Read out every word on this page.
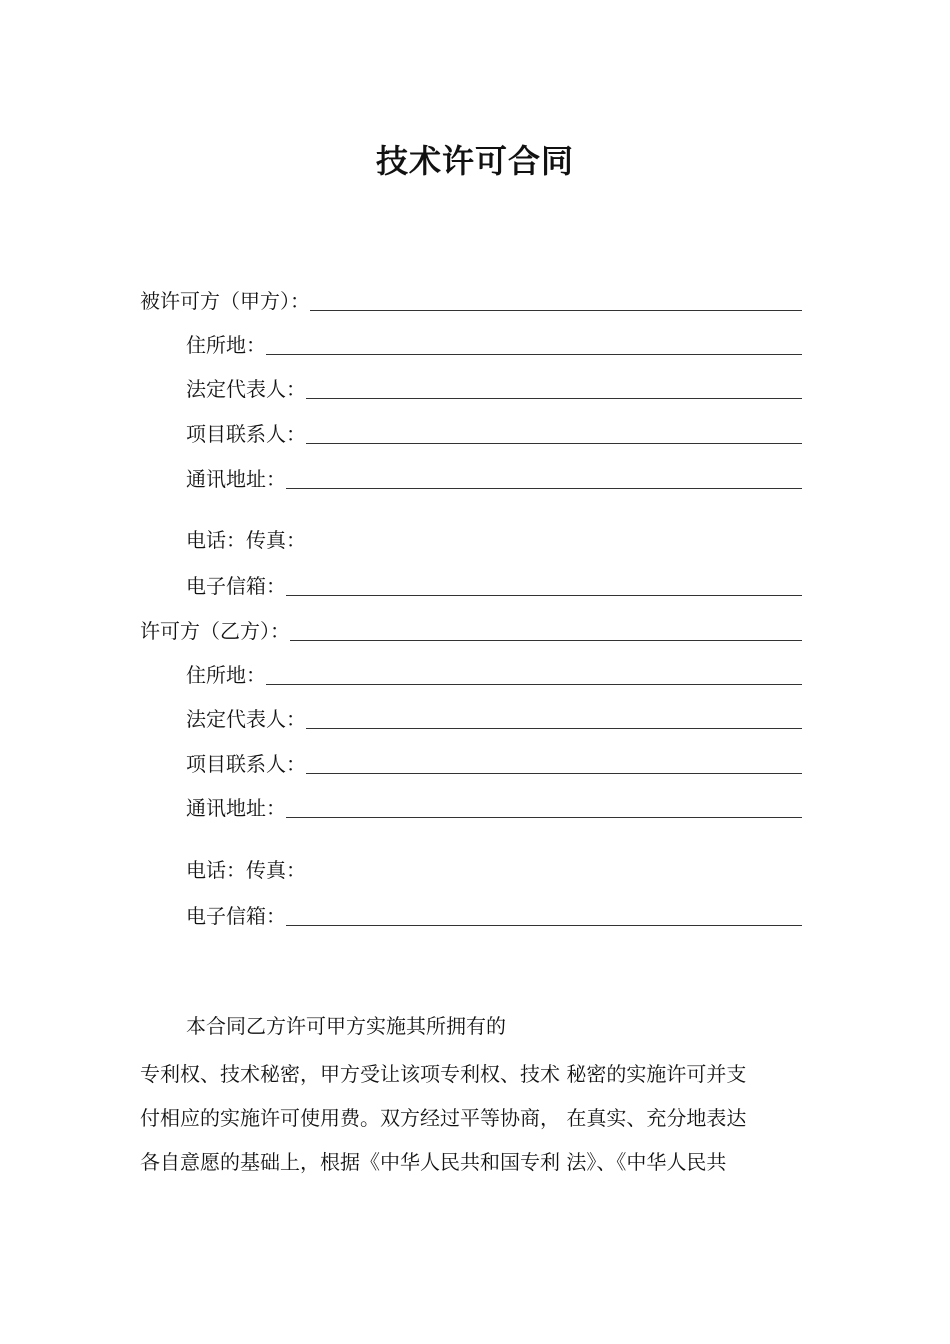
技术许可合同
被许可方（甲方）：
住所地：
法定代表人：
项目联系人：
通讯地址：
电话：传真：
电子信箱：
许可方（乙方）：
住所地：
法定代表人：
项目联系人：
通讯地址：
电话：传真：
电子信箱：
本合同乙方许可甲方实施其所拥有的
专利权、技术秘密，甲方受让该项专利权、技术 秘密的实施许可并支
付相应的实施许可使用费。双方经过平等协商， 在真实、充分地表达
各自意愿的基础上，根据《中华人民共和国专利 法》、《中华人民共
